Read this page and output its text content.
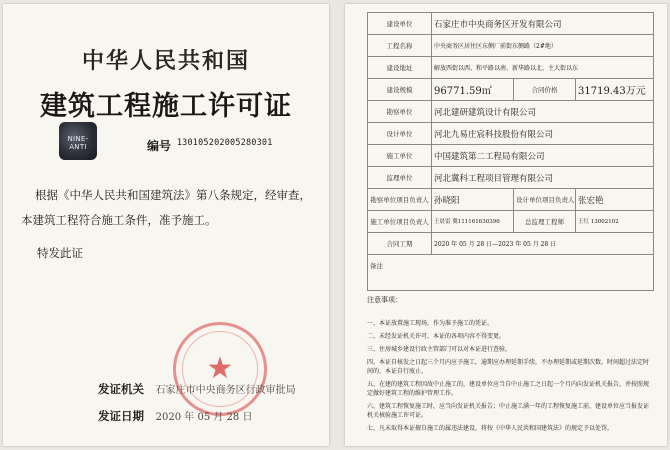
中华人民共和国
建筑工程施工许可证
NINE-ANTI	编号 $^{130105202005280301}$
根据《中华人民共和国建筑法》第八条规定，经审查，
本建筑工程符合施工条件，准予施工。
特发此证
★
发证机关 石家庄市中央商务区行政审批局
发证日期 2020 年 05 月 28 日
建设单位	石家庄市中央商务区开发有限公司		
工程名称	中央商务区居住区东侧厂前街东侧路（2#地）		
建设地址	解放西街以西、和平路以南、新华路以北、主大街以东		
建设规模	96771.59㎡	合同价格	31719.43万元
勘察单位	河北建研建筑设计有限公司		
设计单位	河北九易庄宸科技股份有限公司		
施工单位	中国建筑第二工程局有限公司		
监理单位	河北冀科工程项目管理有限公司		
勘察单位项目负责人	孙晓阳	设计单位项目负责人	张宏艳
施工单位项目负责人	王晨雷 冀111161630396	总监理工程师	王红 13002102
合同工期	2020 年 05 月 28 日—2023 年 05 月 28 日		
备注			
注意事项：

一、本证放置施工现场，作为准予施工的凭证。

二、未经发证机关许可，本证的各项内容不得变更。

三、住房城乡建设行政主管部门可以对本证进行查验。

四、本证自核发之日起三个月内应予施工，逾期应办理延期手续，不办理延期或延期次数、时间超过法定时间的，本证自行废止。

五、在建的建筑工程因故中止施工的，建设单位应当自中止施工之日起一个月内向发证机关报告，并按照规定做好建筑工程的维护管理工作。

六、建筑工程恢复施工时，应当向发证机关报告；中止施工满一年的工程恢复施工前，建设单位应当报发证机关核验施工许可证。

七、凡未取得本证擅自施工的属违法建设，将按《中华人民共和国建筑法》的规定予以处罚。
